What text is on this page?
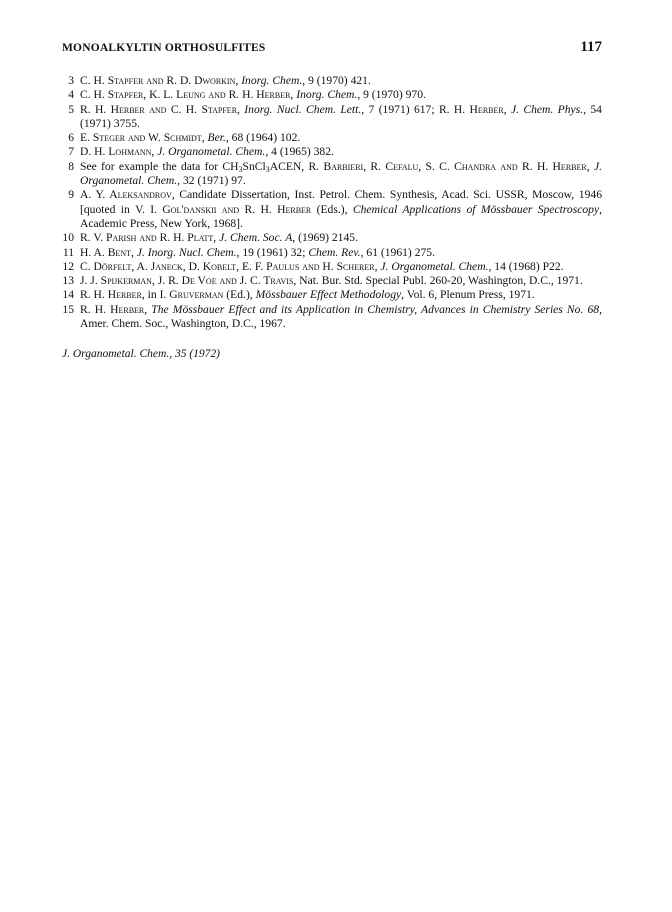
MONOALKYLTIN ORTHOSULFITES	117
3 C. H. Stapfer and R. D. Dworkin, Inorg. Chem., 9 (1970) 421.
4 C. H. Stapfer, K. L. Leung and R. H. Herber, Inorg. Chem., 9 (1970) 970.
5 R. H. Herber and C. H. Stapfer, Inorg. Nucl. Chem. Lett., 7 (1971) 617; R. H. Herber, J. Chem. Phys., 54 (1971) 3755.
6 E. Steger and W. Schmidt, Ber., 68 (1964) 102.
7 D. H. Lohmann, J. Organometal. Chem., 4 (1965) 382.
8 See for example the data for $CH_3SnCl_3ACEN$, R. Barbieri, R. Cefalu, S. C. Chandra and R. H. Herber, J. Organometal. Chem., 32 (1971) 97.
9 A. Y. Aleksandrov, Candidate Dissertation, Inst. Petrol. Chem. Synthesis, Acad. Sci. USSR, Moscow, 1946 [quoted in V. I. Gol'danskii and R. H. Herber (Eds.), Chemical Applications of Mössbauer Spectroscopy, Academic Press, New York, 1968].
10 R. V. Parish and R. H. Platt, J. Chem. Soc. A, (1969) 2145.
11 H. A. Bent, J. Inorg. Nucl. Chem., 19 (1961) 32; Chem. Rev., 61 (1961) 275.
12 C. Dörfelt, A. Janeck, D. Kobelt, E. F. Paulus and H. Scherer, J. Organometal. Chem., 14 (1968) P22.
13 J. J. Spijkerman, J. R. De Voe and J. C. Travis, Nat. Bur. Std. Special Publ. 260-20, Washington, D.C., 1971.
14 R. H. Herber, in I. Gruverman (Ed.), Mössbauer Effect Methodology, Vol. 6, Plenum Press, 1971.
15 R. H. Herber, The Mössbauer Effect and its Application in Chemistry, Advances in Chemistry Series No. 68, Amer. Chem. Soc., Washington, D.C., 1967.
J. Organometal. Chem., 35 (1972)
